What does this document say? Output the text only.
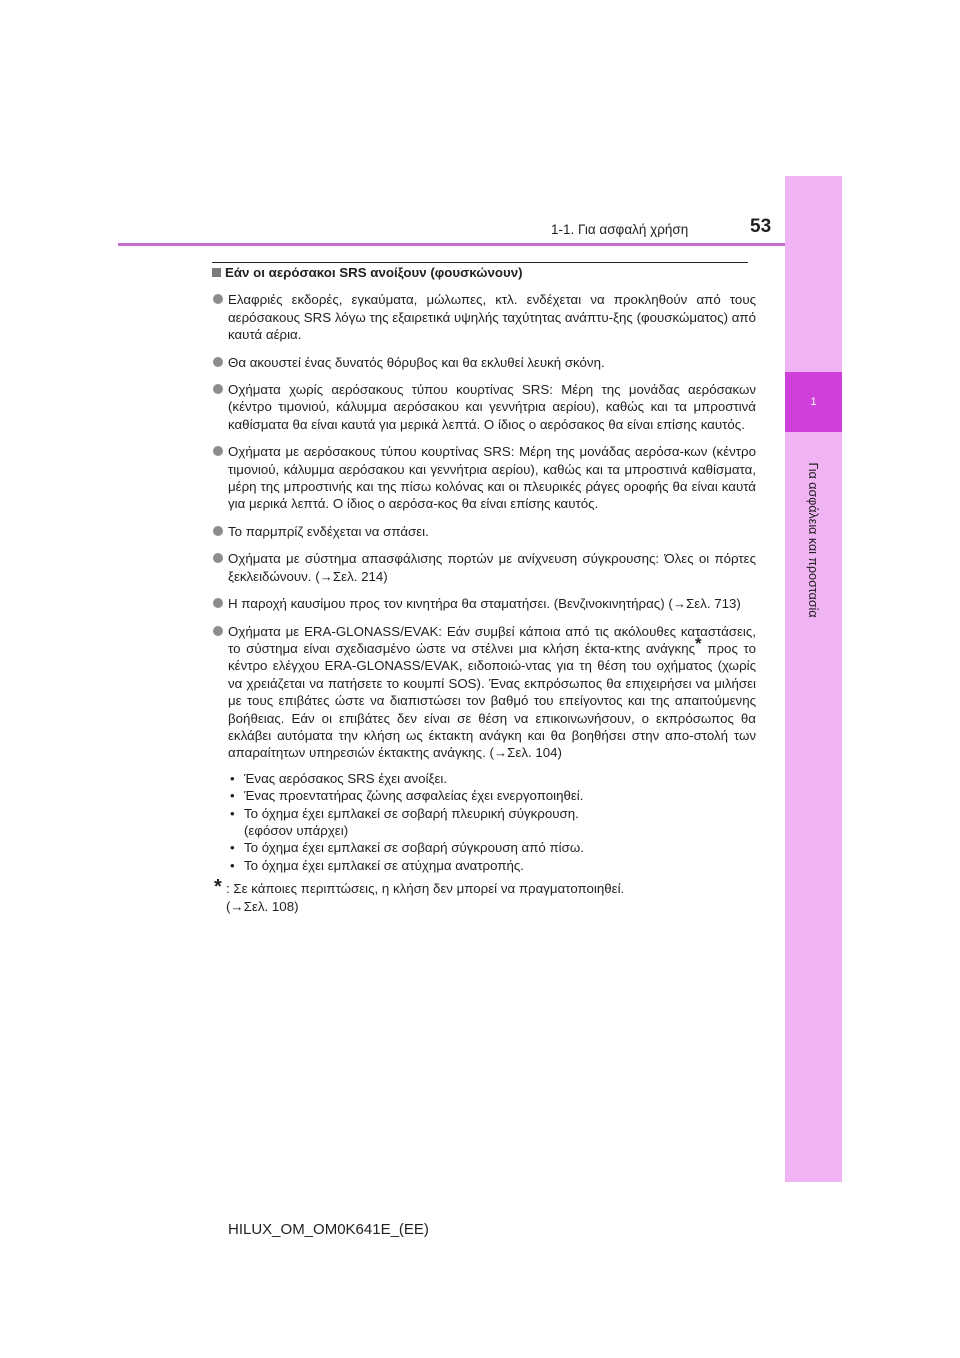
1
Για ασφάλεια και προστασία
1-1. Για ασφαλή χρήση	53
Εάν οι αερόσακοι SRS ανοίξουν (φουσκώνουν)
Ελαφριές εκδορές, εγκαύματα, μώλωπες, κτλ. ενδέχεται να προκληθούν από τους αερόσακους SRS λόγω της εξαιρετικά υψηλής ταχύτητας ανάπτυ-ξης (φουσκώματος) από καυτά αέρια.
Θα ακουστεί ένας δυνατός θόρυβος και θα εκλυθεί λευκή σκόνη.
Οχήματα χωρίς αερόσακους τύπου κουρτίνας SRS: Μέρη της μονάδας αερόσακων (κέντρο τιμονιού, κάλυμμα αερόσακου και γεννήτρια αερίου), καθώς και τα μπροστινά καθίσματα θα είναι καυτά για μερικά λεπτά. Ο ίδιος ο αερόσακος θα είναι επίσης καυτός.
Οχήματα με αερόσακους τύπου κουρτίνας SRS: Μέρη της μονάδας αερόσα-κων (κέντρο τιμονιού, κάλυμμα αερόσακου και γεννήτρια αερίου), καθώς και τα μπροστινά καθίσματα, μέρη της μπροστινής και της πίσω κολόνας και οι πλευρικές ράγες οροφής θα είναι καυτά για μερικά λεπτά. Ο ίδιος ο αερόσα-κος θα είναι επίσης καυτός.
Το παρμπρίζ ενδέχεται να σπάσει.
Οχήματα με σύστημα απασφάλισης πορτών με ανίχνευση σύγκρουσης: Όλες οι πόρτες ξεκλειδώνουν. (→Σελ. 214)
Η παροχή καυσίμου προς τον κινητήρα θα σταματήσει. (Βενζινοκινητήρας) (→Σελ. 713)
Οχήματα με ERA-GLONASS/EVAK: Εάν συμβεί κάποια από τις ακόλουθες καταστάσεις, το σύστημα είναι σχεδιασμένο ώστε να στέλνει μια κλήση έκτα-κτης ανάγκης* προς το κέντρο ελέγχου ERA-GLONASS/EVAK, ειδοποιώ-ντας για τη θέση του οχήματος (χωρίς να χρειάζεται να πατήσετε το κουμπί SOS). Ένας εκπρόσωπος θα επιχειρήσει να μιλήσει με τους επιβάτες ώστε να διαπιστώσει τον βαθμό του επείγοντος και της απαιτούμενης βοήθειας. Εάν οι επιβάτες δεν είναι σε θέση να επικοινωνήσουν, ο εκπρόσωπος θα εκλάβει αυτόματα την κλήση ως έκτακτη ανάγκη και θα βοηθήσει στην απο-στολή των απαραίτητων υπηρεσιών έκτακτης ανάγκης. (→Σελ. 104)
• Ένας αερόσακος SRS έχει ανοίξει.
• Ένας προεντατήρας ζώνης ασφαλείας έχει ενεργοποιηθεί.
• Το όχημα έχει εμπλακεί σε σοβαρή πλευρική σύγκρουση.
(εφόσον υπάρχει)
• Το όχημα έχει εμπλακεί σε σοβαρή σύγκρουση από πίσω.
• Το όχημα έχει εμπλακεί σε ατύχημα ανατροπής.
* : Σε κάποιες περιπτώσεις, η κλήση δεν μπορεί να πραγματοποιηθεί.
(→Σελ. 108)
HILUX_OM_OM0K641E_(EE)
